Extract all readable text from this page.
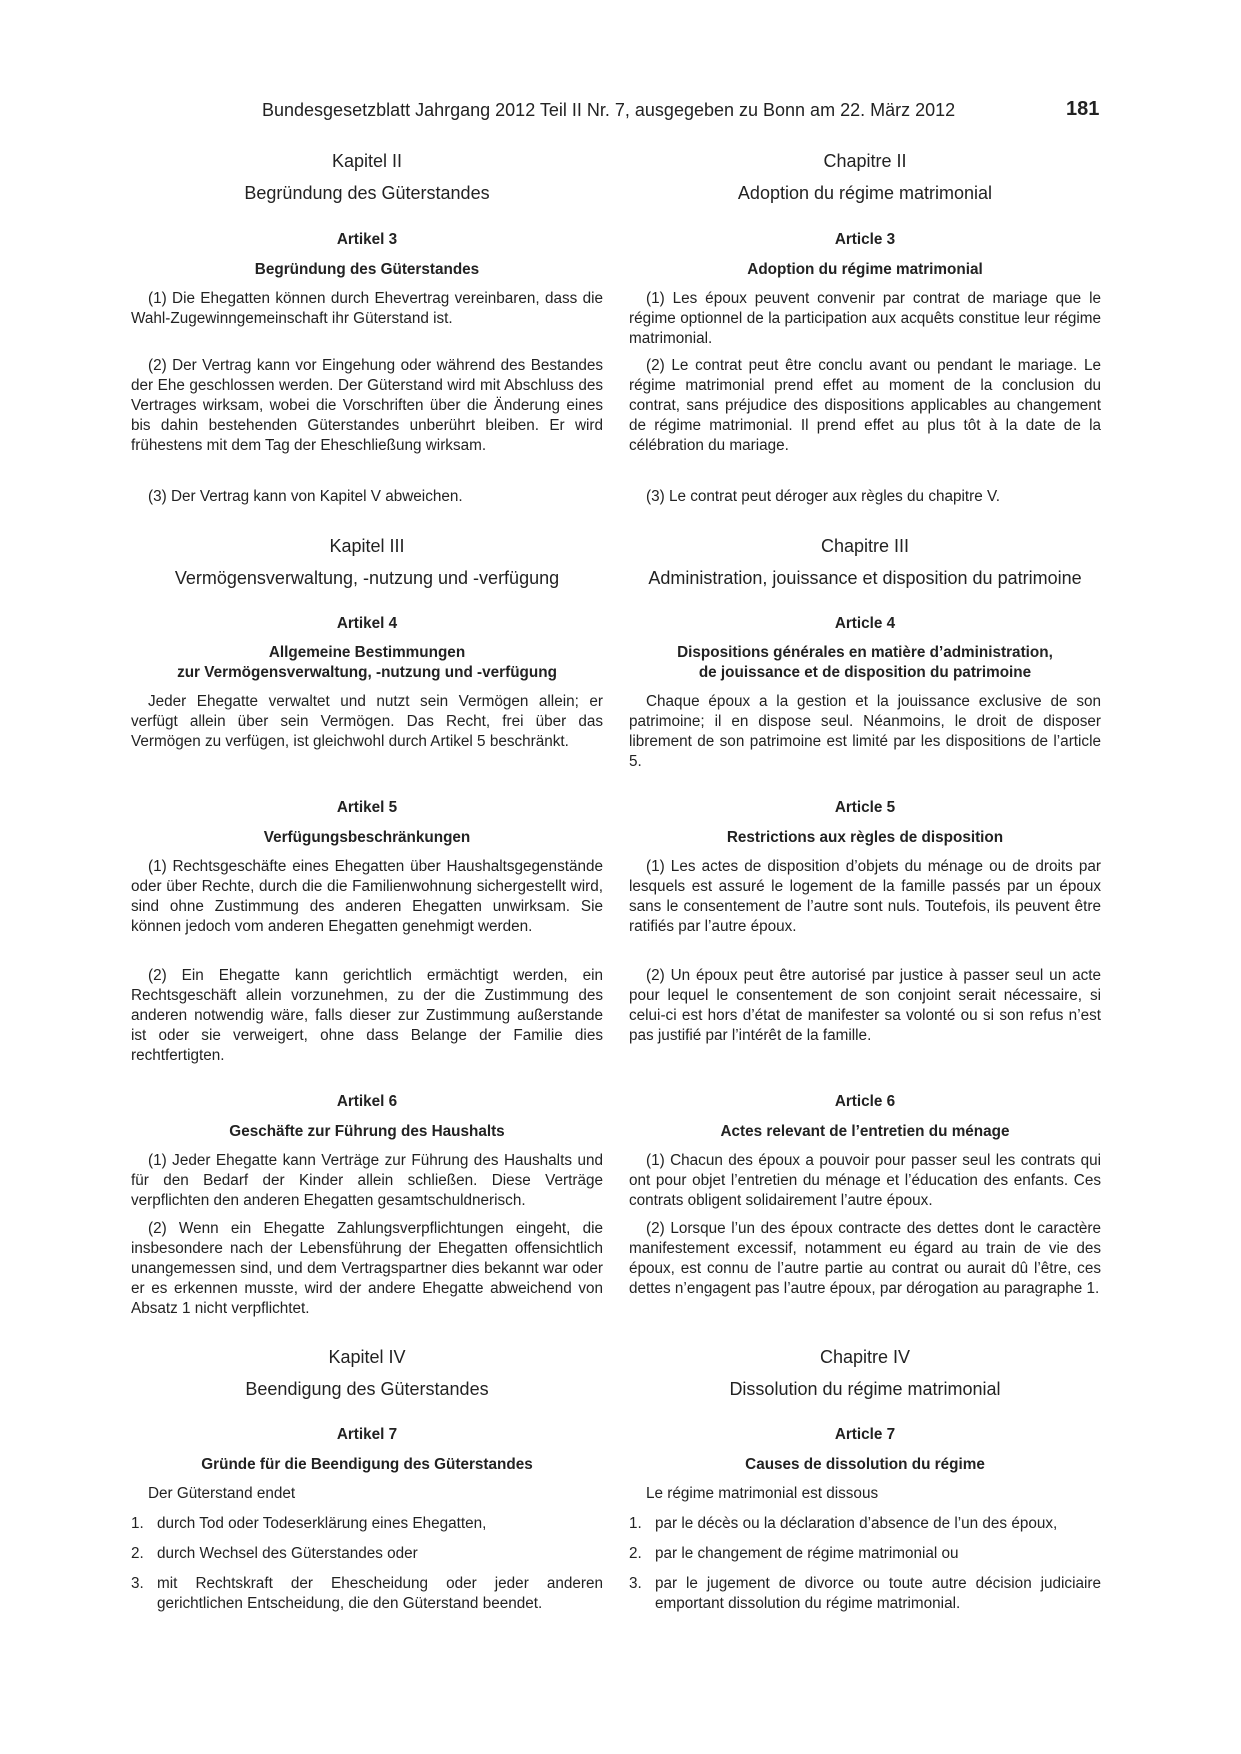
Bundesgesetzblatt Jahrgang 2012 Teil II Nr. 7, ausgegeben zu Bonn am 22. März 2012	181
Kapitel II
Begründung des Güterstandes
Artikel 3
Begründung des Güterstandes
(1) Die Ehegatten können durch Ehevertrag vereinbaren, dass die Wahl-Zugewinngemeinschaft ihr Güterstand ist.
(2) Der Vertrag kann vor Eingehung oder während des Bestandes der Ehe geschlossen werden. Der Güterstand wird mit Abschluss des Vertrages wirksam, wobei die Vorschriften über die Änderung eines bis dahin bestehenden Güterstandes unberührt bleiben. Er wird frühestens mit dem Tag der Eheschließung wirksam.
(3) Der Vertrag kann von Kapitel V abweichen.
Kapitel III
Vermögensverwaltung, -nutzung und -verfügung
Artikel 4
Allgemeine Bestimmungen
zur Vermögensverwaltung, -nutzung und -verfügung
Jeder Ehegatte verwaltet und nutzt sein Vermögen allein; er verfügt allein über sein Vermögen. Das Recht, frei über das Vermögen zu verfügen, ist gleichwohl durch Artikel 5 beschränkt.
Artikel 5
Verfügungsbeschränkungen
(1) Rechtsgeschäfte eines Ehegatten über Haushaltsgegenstände oder über Rechte, durch die die Familienwohnung sichergestellt wird, sind ohne Zustimmung des anderen Ehegatten unwirksam. Sie können jedoch vom anderen Ehegatten genehmigt werden.
(2) Ein Ehegatte kann gerichtlich ermächtigt werden, ein Rechtsgeschäft allein vorzunehmen, zu der die Zustimmung des anderen notwendig wäre, falls dieser zur Zustimmung außerstande ist oder sie verweigert, ohne dass Belange der Familie dies rechtfertigten.
Artikel 6
Geschäfte zur Führung des Haushalts
(1) Jeder Ehegatte kann Verträge zur Führung des Haushalts und für den Bedarf der Kinder allein schließen. Diese Verträge verpflichten den anderen Ehegatten gesamtschuldnerisch.
(2) Wenn ein Ehegatte Zahlungsverpflichtungen eingeht, die insbesondere nach der Lebensführung der Ehegatten offensichtlich unangemessen sind, und dem Vertragspartner dies bekannt war oder er es erkennen musste, wird der andere Ehegatte abweichend von Absatz 1 nicht verpflichtet.
Kapitel IV
Beendigung des Güterstandes
Artikel 7
Gründe für die Beendigung des Güterstandes
Der Güterstand endet
1. durch Tod oder Todeserklärung eines Ehegatten,
2. durch Wechsel des Güterstandes oder
3. mit Rechtskraft der Ehescheidung oder jeder anderen gerichtlichen Entscheidung, die den Güterstand beendet.
Chapitre II
Adoption du régime matrimonial
Article 3
Adoption du régime matrimonial
(1) Les époux peuvent convenir par contrat de mariage que le régime optionnel de la participation aux acquêts constitue leur régime matrimonial.
(2) Le contrat peut être conclu avant ou pendant le mariage. Le régime matrimonial prend effet au moment de la conclusion du contrat, sans préjudice des dispositions applicables au changement de régime matrimonial. Il prend effet au plus tôt à la date de la célébration du mariage.
(3) Le contrat peut déroger aux règles du chapitre V.
Chapitre III
Administration, jouissance et disposition du patrimoine
Article 4
Dispositions générales en matière d’administration,
de jouissance et de disposition du patrimoine
Chaque époux a la gestion et la jouissance exclusive de son patrimoine; il en dispose seul. Néanmoins, le droit de disposer librement de son patrimoine est limité par les dispositions de l’article 5.
Article 5
Restrictions aux règles de disposition
(1) Les actes de disposition d’objets du ménage ou de droits par lesquels est assuré le logement de la famille passés par un époux sans le consentement de l’autre sont nuls. Toutefois, ils peuvent être ratifiés par l’autre époux.
(2) Un époux peut être autorisé par justice à passer seul un acte pour lequel le consentement de son conjoint serait nécessaire, si celui-ci est hors d’état de manifester sa volonté ou si son refus n’est pas justifié par l’intérêt de la famille.
Article 6
Actes relevant de l’entretien du ménage
(1) Chacun des époux a pouvoir pour passer seul les contrats qui ont pour objet l’entretien du ménage et l’éducation des enfants. Ces contrats obligent solidairement l’autre époux.
(2) Lorsque l’un des époux contracte des dettes dont le caractère manifestement excessif, notamment eu égard au train de vie des époux, est connu de l’autre partie au contrat ou aurait dû l’être, ces dettes n’engagent pas l’autre époux, par dérogation au paragraphe 1.
Chapitre IV
Dissolution du régime matrimonial
Article 7
Causes de dissolution du régime
Le régime matrimonial est dissous
1. par le décès ou la déclaration d’absence de l’un des époux,
2. par le changement de régime matrimonial ou
3. par le jugement de divorce ou toute autre décision judiciaire emportant dissolution du régime matrimonial.
